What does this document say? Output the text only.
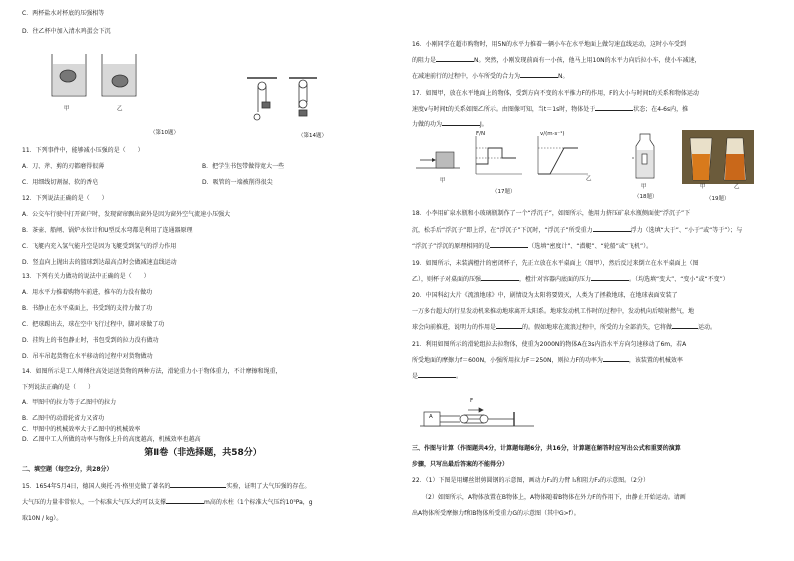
C．两杯盐水对杯底的压强相等
D．往乙杯中加入清水鸡蛋会下沉
甲	乙
（第10题）	（第14题）
11．下列事件中，能够减小压强的是（　　）
A．刀、斧、剪的刃都磨得很薄	B．把学生书包带做得宽大一些
C．用细线切割湿、软的香皂	D．吸管的一端被削得很尖
12．下列说法正确的是（　　）
A．公交车行驶中打开窗户时，发现窗帘飘出窗外是因为窗外空气流速小压强大
B．茶壶、船闸、锅炉水位计和U型反水弯都是利用了连通器原理
C．飞艇内充入氢气能升空是因为飞艇受到氢气的浮力作用
D．竖直向上抛出去的篮球到达最高点时会做减速直线运动
13．下列有关力做功的说法中正确的是（　　）
A．用水平力推着购物车前进，推车的力没有做功
B．书静止在水平桌面上，书受到的支持力做了功
C．把球踢出去，球在空中飞行过程中，脚对球做了功
D．挂钩上的书包静止时，书包受到的拉力没有做功
D．吊车吊起货物在水平移动的过程中对货物做功
14．如图所示是工人师傅往高处运送货物的两种方法，滑轮重力小于物体重力，不计摩擦和绳重，
下列说法正确的是（　　）
A．甲图中的拉力等于乙图中的拉力
B．乙图中的动滑轮省力又省功
C．甲图中的机械效率大于乙图中的机械效率
第Ⅱ卷（非选择题，共58分）
D．乙图中工人所做的功率与物体上升的高度越高，机械效率也越高
二、填空题（每空2分，共28分）
15．1654年5月4日，德国人奥托·冯·格里克做了著名的	实验，证明了大气压强的存在。
大气压的力量非常惊人，一个标准大气压大约可以支撑	m高的水柱（1个标准大气压约10⁵Pa，g
取10N / kg）。
16．小刚同学在超市购物时，用5N的水平力推着一辆小车在水平地面上做匀速直线运动，这时小车受到
的阻力是	N。突然，小刚发现前面有一小孩，他马上用10N的水平力向后拉小车，使小车减速，
在减速前行的过程中，小车所受的合力为	N。
17．如图甲，放在水平地面上的物体，受到方向不变的水平推力F的作用，F的大小与时间t的关系和物体运动
速度v与时间t的关系如图乙所示。由图像可知，当t＝1s时，物体处于	状态；在4-6s内，推
力做的功为	J。
甲
F/N	v/(m·s⁻¹)
乙
（17题）
甲
（18题）
甲	乙
（19题）
18．小李用矿泉水瓶和小玻璃瓶制作了一个“浮沉子”，如图所示，他用力挤压矿泉水瓶侧面使“浮沉子”下
沉，松手后“浮沉子”即上浮，在“浮沉子”下沉时，“浮沉子”所受重力	浮力（选填“大于”、“小于”或“等于”）；与
“浮沉子”浮沉的原理相同的是	（选填“密度计”、“潜艇”、“轮船”或“飞机”）。
19．如图所示，未装满橙汁的密闭杯子，先正立放在水平桌面上（图甲），然后反过来倒立在水平桌面上（图
乙），则杯子对桌面的压强	，橙汁对容器内底面的压力	。（均选填“变大”、“变小”或“不变”）
20．中国科幻大片《流浪地球》中，剧情设为太阳将要毁灭，人类为了拯救地球，在地球表面安装了
一万多台超大的行星发动机来推动地球离开太阳系。地球发动机工作时的过程中，发动机向后喷射燃气，地
球会向前推进，说明力的作用是	的。假如地球在流浪过程中，所受的力全部消失，它将做	运动。
21．利用如图所示的滑轮组拉去拉物体，使重为2000N的物体A在3s内沿水平方向匀速移动了6m，若A
所受地面的摩擦力f＝600N，小强所用拉力F＝250N，则拉力F的功率为	，该装置的机械效率
是	。
A
F
三、作图与计算（作图题共4分，计算题每题6分，共16分，计算题在解答时应写出公式和重要的演算
步骤，只写出最后答案的不能得分）
22．（1）下图是用螺丝钳剪圆钢的示意图，画动力F₁的力臂 l₁和阻力F₂的示意图。（2分）
（2）如图所示，A物体放置在B物体上，A物体随着B物体在外力F的作用下，由静止开始运动。请画
出A物体所受摩擦力f和B物体所受重力G的示意图（其中G>f）。
